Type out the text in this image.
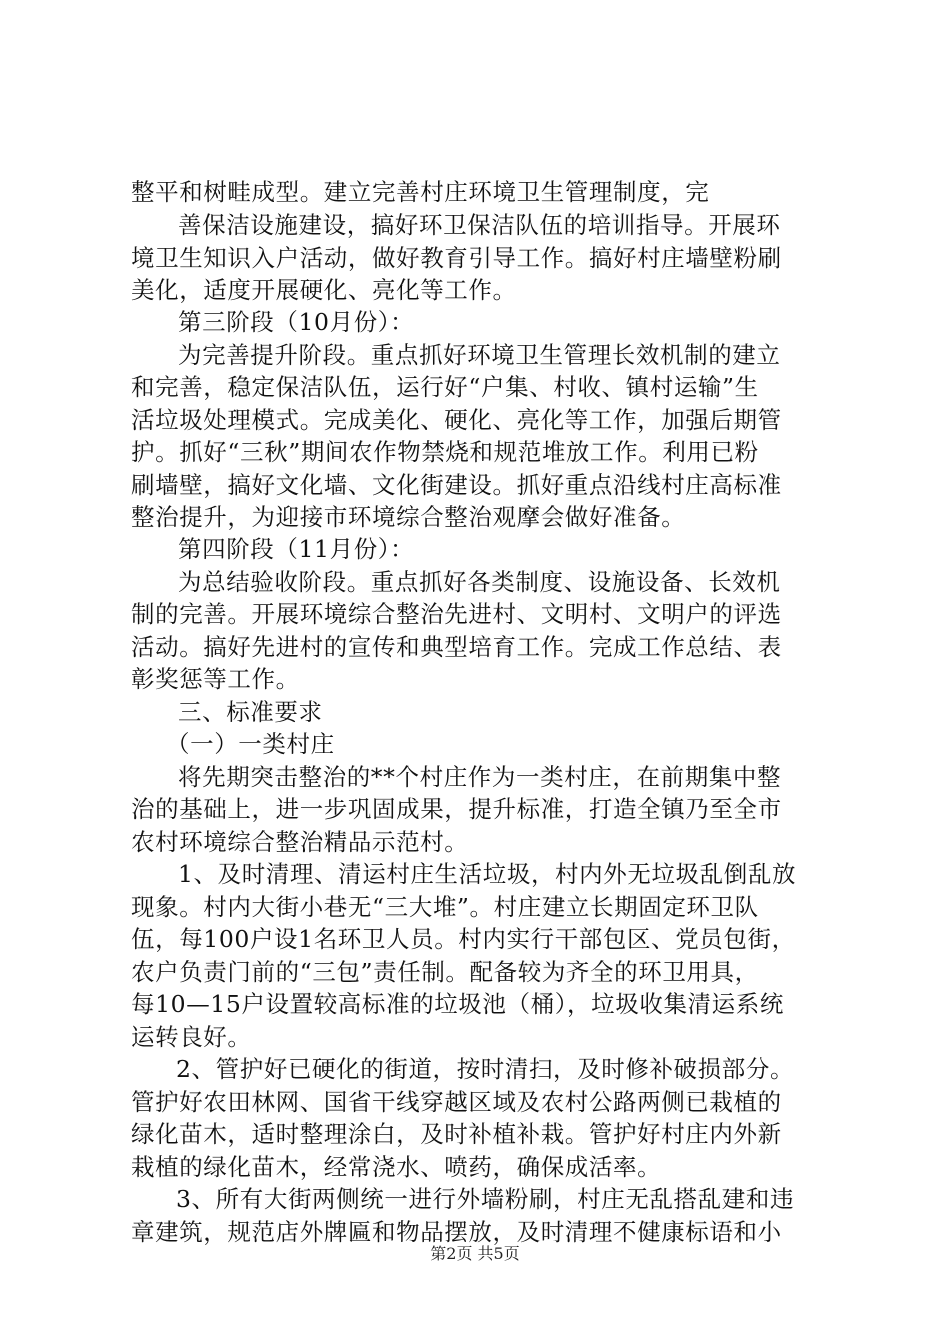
整平和树畦成型。建立完善村庄环境卫生管理制度，完
善保洁设施建设，搞好环卫保洁队伍的培训指导。开展环
境卫生知识入户活动，做好教育引导工作。搞好村庄墙壁粉刷
美化，适度开展硬化、亮化等工作。
第三阶段（10月份）：
为完善提升阶段。重点抓好环境卫生管理长效机制的建立
和完善，稳定保洁队伍，运行好“户集、村收、镇村运输”生
活垃圾处理模式。完成美化、硬化、亮化等工作，加强后期管
护。抓好“三秋”期间农作物禁烧和规范堆放工作。利用已粉
刷墙壁，搞好文化墙、文化街建设。抓好重点沿线村庄高标准
整治提升，为迎接市环境综合整治观摩会做好准备。
第四阶段（11月份）：
为总结验收阶段。重点抓好各类制度、设施设备、长效机
制的完善。开展环境综合整治先进村、文明村、文明户的评选
活动。搞好先进村的宣传和典型培育工作。完成工作总结、表
彰奖惩等工作。
三、标准要求
（一）一类村庄
将先期突击整治的**个村庄作为一类村庄，在前期集中整
治的基础上，进一步巩固成果，提升标准，打造全镇乃至全市
农村环境综合整治精品示范村。
1、及时清理、清运村庄生活垃圾，村内外无垃圾乱倒乱放
现象。村内大街小巷无“三大堆”。村庄建立长期固定环卫队
伍，每100户设1名环卫人员。村内实行干部包区、党员包街，
农户负责门前的“三包”责任制。配备较为齐全的环卫用具，
每10—15户设置较高标准的垃圾池（桶），垃圾收集清运系统
运转良好。
2、管护好已硬化的街道，按时清扫，及时修补破损部分。
管护好农田林网、国省干线穿越区域及农村公路两侧已栽植的
绿化苗木，适时整理涂白，及时补植补栽。管护好村庄内外新
栽植的绿化苗木，经常浇水、喷药，确保成活率。
3、所有大街两侧统一进行外墙粉刷，村庄无乱搭乱建和违
章建筑，规范店外牌匾和物品摆放，及时清理不健康标语和小
第2页 共5页
